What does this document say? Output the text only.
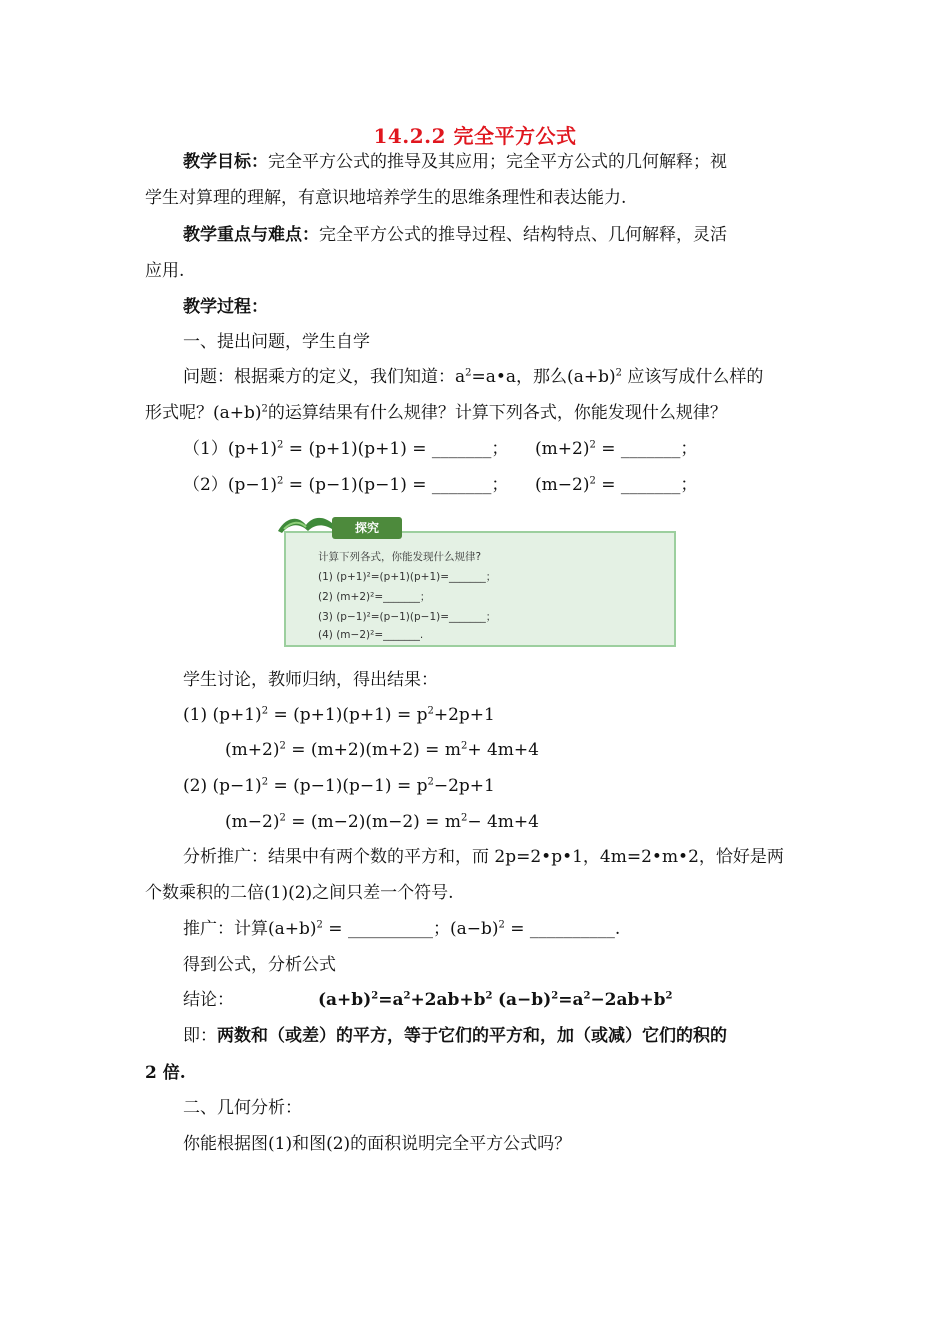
14.2.2 完全平方公式
教学目标：完全平方公式的推导及其应用；完全平方公式的几何解释；视
学生对算理的理解，有意识地培养学生的思维条理性和表达能力.
教学重点与难点：完全平方公式的推导过程、结构特点、几何解释，灵活
应用.
教学过程：
一、提出问题，学生自学
问题：根据乘方的定义，我们知道：$a^2=a•a$，那么$(a+b)^2$ 应该写成什么样的
形式呢？$(a+b)^2$的运算结果有什么规律？计算下列各式，你能发现什么规律？
$(1)(p+1)^2 = (p+1)(p+1)$ = _______； $(m+2)^2$ = _______；
$(2)(p-1)^2 = (p-1)(p-1)$ = _______； $(m-2)^2$ = _______；
探究
计算下列各式，你能发现什么规律?
(1) (p+1)²=(p+1)(p+1)=_______；
(2) (m+2)²=_______；
(3) (p−1)²=(p−1)(p−1)=_______；
(4) (m−2)²=_______.
学生讨论，教师归纳，得出结果：
(1) $(p+1)^2 = (p+1)(p+1) = p^2+2p+1$
$(m+2)^2 = (m+2)(m+2) = m^2+ 4m+4$
(2) $(p-1)^2 = (p-1)(p-1) = p^2-2p+1$
$(m-2)^2 = (m-2)(m-2) = m^2- 4m+4$
分析推广：结果中有两个数的平方和，而 2p=2•p•1，4m=2•m•2，恰好是两
个数乘积的二倍(1)(2)之间只差一个符号.
推广：计算$(a+b)^2$ = __________；$(a-b)^2$ = __________.
得到公式，分析公式
结论：	$(a+b)^2=a^2+2ab+b^2$ $(a-b)^2=a^2-2ab+b^2$
即：两数和（或差）的平方，等于它们的平方和，加（或减）它们的积的
2 倍.
二、几何分析：
你能根据图(1)和图(2)的面积说明完全平方公式吗？
